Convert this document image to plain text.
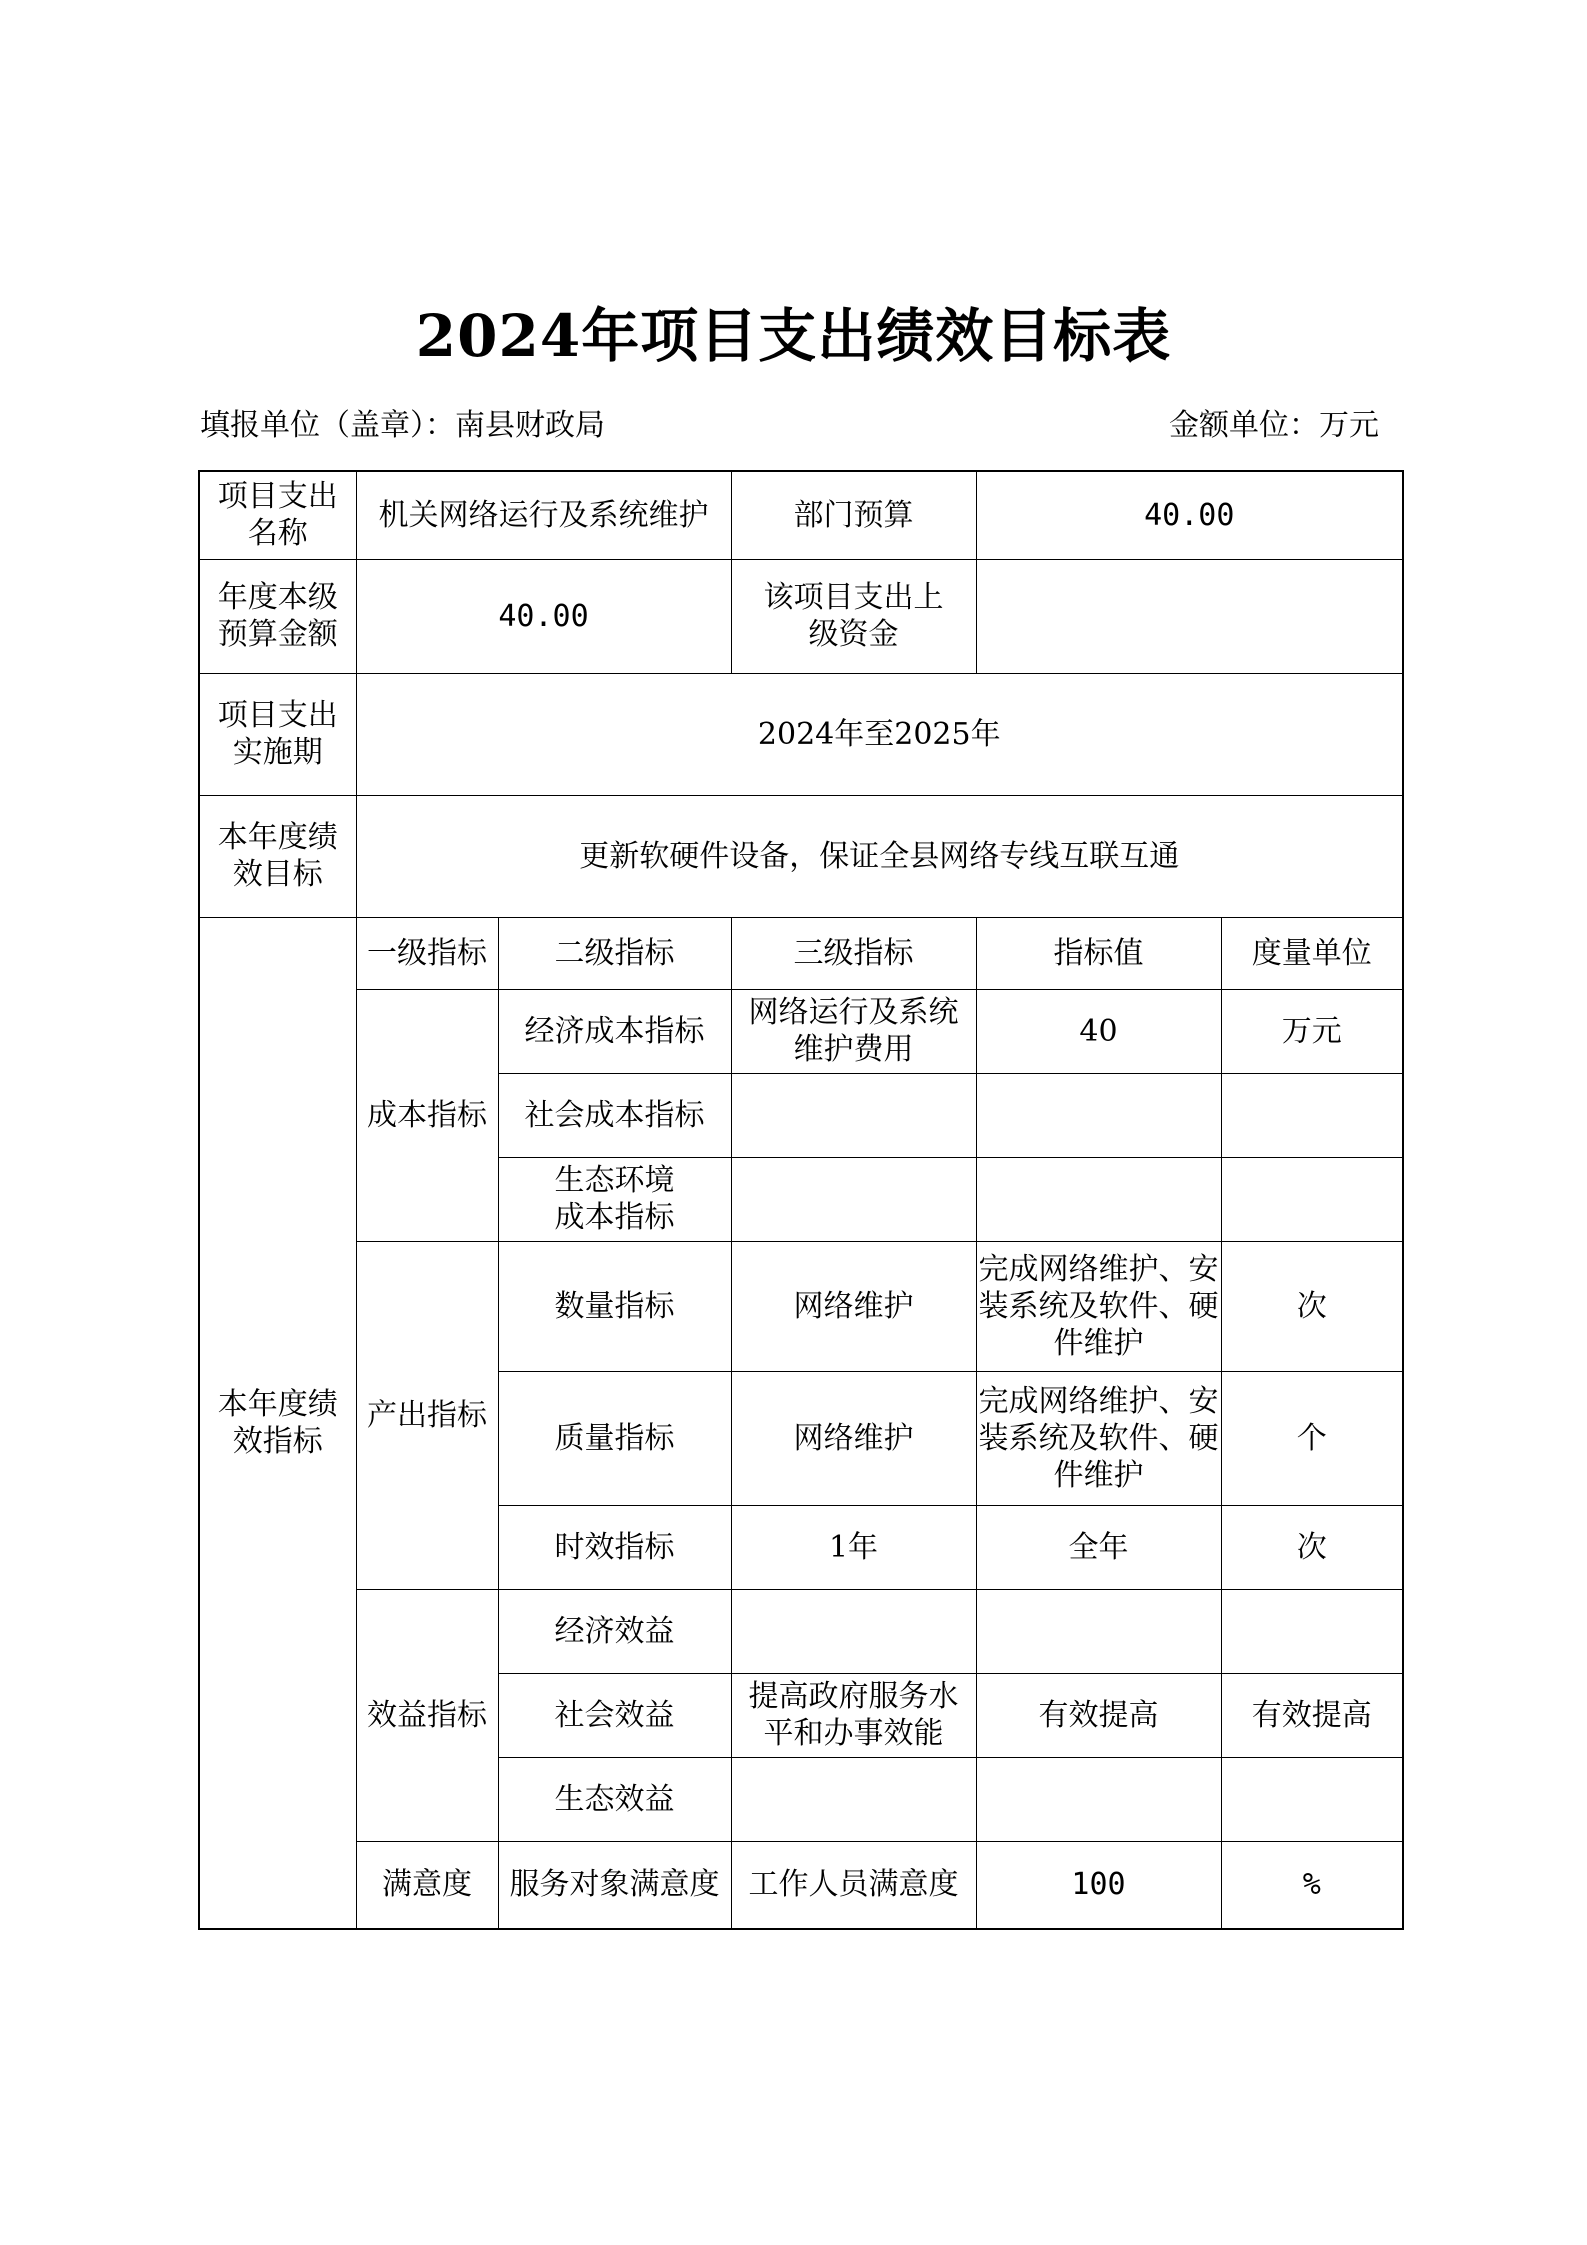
2024年项目支出绩效目标表
填报单位（盖章）：南县财政局	金额单位：万元
项目支出名称	机关网络运行及系统维护		部门预算	40.00	
年度本级预算金额	40.00		该项目支出上级资金		
项目支出实施期	2024年至2025年				
本年度绩效目标	更新软硬件设备，保证全县网络专线互联互通				
本年度绩效指标	一级指标	二级指标	三级指标	指标值	度量单位
	成本指标	经济成本指标	网络运行及系统维护费用	40	万元
		社会成本指标			
		生态环境成本指标			
	产出指标	数量指标	网络维护	完成网络维护、安装系统及软件、硬件维护	次
		质量指标	网络维护	完成网络维护、安装系统及软件、硬件维护	个
		时效指标	1年	全年	次
	效益指标	经济效益			
		社会效益	提高政府服务水平和办事效能	有效提高	有效提高
		生态效益			
	满意度	服务对象满意度	工作人员满意度	100	%
